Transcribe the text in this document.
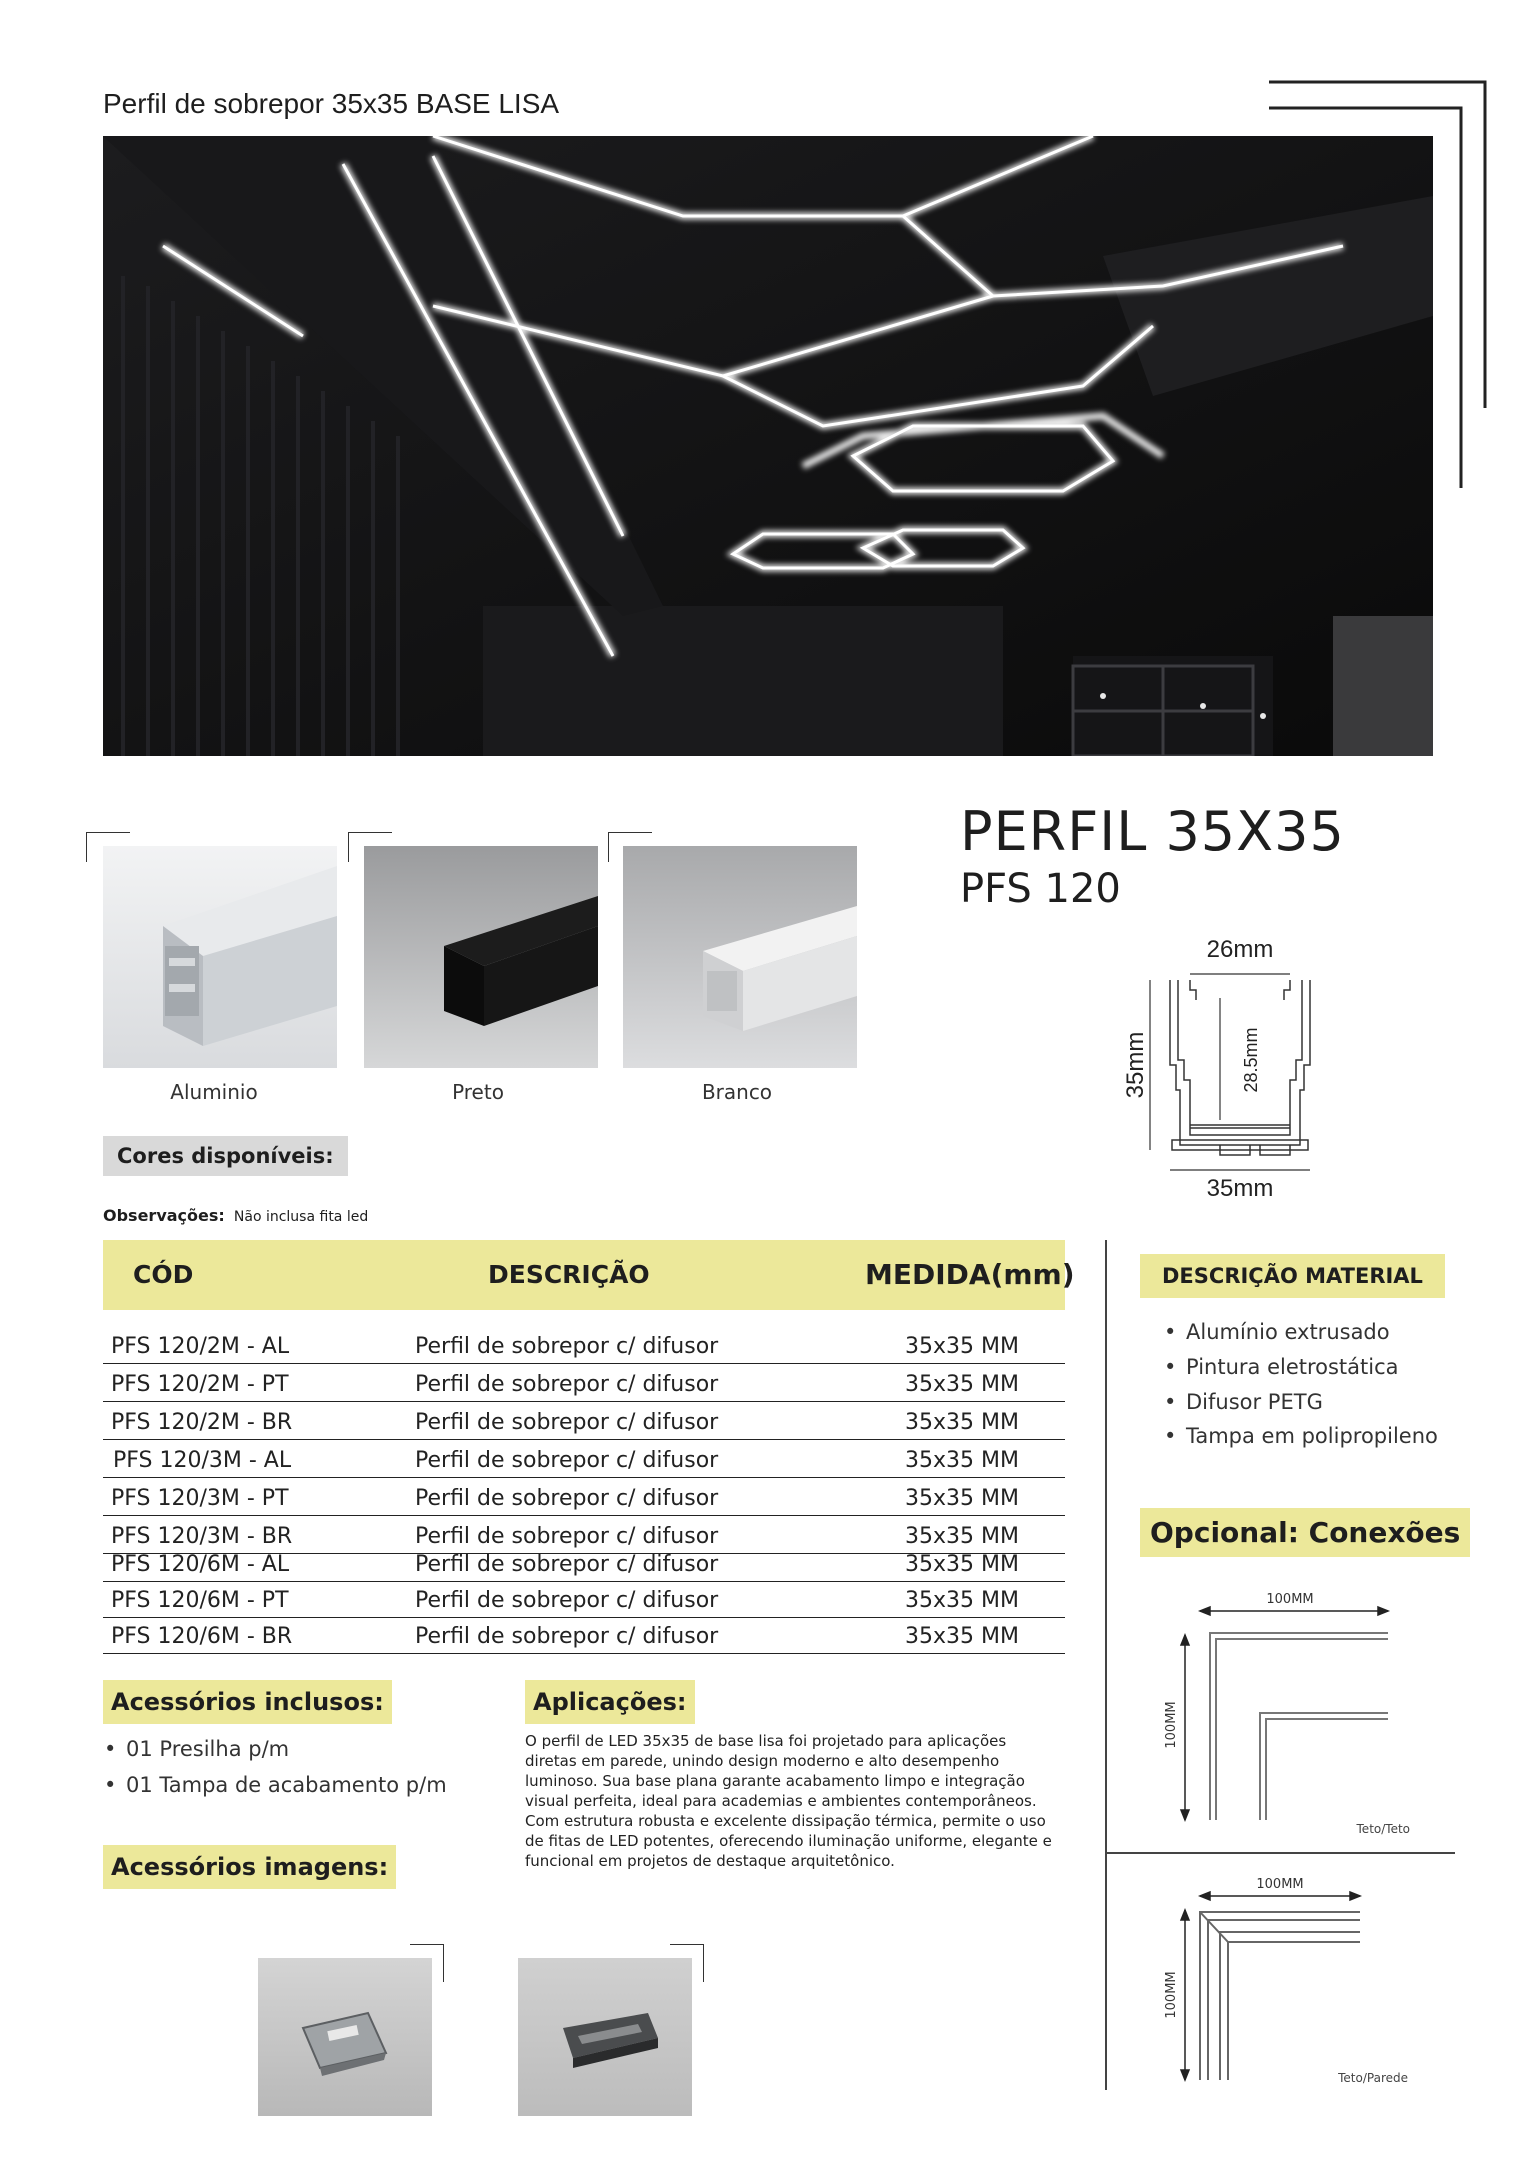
Perfil de sobrepor 35x35 BASE LISA
Aluminio	Preto	Branco
Cores disponíveis:
Observações: Não inclusa fita led
PERFIL 35X35
PFS 120
26mm
28.5mm
35mm
35mm
CÓD	DESCRIÇÃO	MEDIDA(mm)
PFS 120/2M - AL	Perfil de sobrepor c/ difusor	35x35 MM
PFS 120/2M - PT	Perfil de sobrepor c/ difusor	35x35 MM
PFS 120/2M - BR	Perfil de sobrepor c/ difusor	35x35 MM
PFS 120/3M - AL	Perfil de sobrepor c/ difusor	35x35 MM
PFS 120/3M - PT	Perfil de sobrepor c/ difusor	35x35 MM
PFS 120/3M - BR	Perfil de sobrepor c/ difusor	35x35 MM
PFS 120/6M - AL	Perfil de sobrepor c/ difusor	35x35 MM
PFS 120/6M - PT	Perfil de sobrepor c/ difusor	35x35 MM
PFS 120/6M - BR	Perfil de sobrepor c/ difusor	35x35 MM
DESCRIÇÃO MATERIAL
• Alumínio extrusado
• Pintura eletrostática
• Difusor PETG
• Tampa em polipropileno
Opcional: Conexões
100MM
100MM
Teto/Teto
100MM
100MM
Teto/Parede
Acessórios inclusos:
• 01 Presilha p/m
• 01 Tampa de acabamento p/m
Acessórios imagens:
Aplicações:
O perfil de LED 35x35 de base lisa foi projetado para aplicações
diretas em parede, unindo design moderno e alto desempenho
luminoso. Sua base plana garante acabamento limpo e integração
visual perfeita, ideal para academias e ambientes contemporâneos.
Com estrutura robusta e excelente dissipação térmica, permite o uso
de fitas de LED potentes, oferecendo iluminação uniforme, elegante e
funcional em projetos de destaque arquitetônico.
